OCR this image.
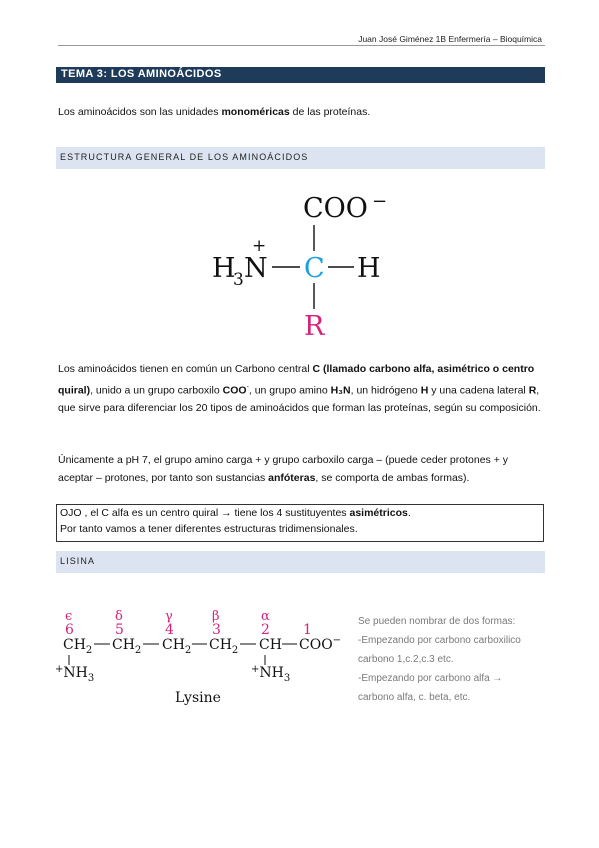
Juan José Giménez 1B Enfermería – Bioquímica
TEMA 3: LOS AMINOÁCIDOS
Los aminoácidos son las unidades monoméricas de las proteínas.
ESTRUCTURA GENERAL DE LOS AMINOÁCIDOS
COO −
H
3 N
+
C H
R
Los aminoácidos tienen en común un Carbono central C (llamado carbono alfa, asimétrico o centro quiral), unido a un grupo carboxilo COO-, un grupo amino H₃N, un hidrógeno H y una cadena lateral R, que sirve para diferenciar los 20 tipos de aminoácidos que forman las proteínas, según su composición.
Únicamente a pH 7, el grupo amino carga + y grupo carboxilo carga – (puede ceder protones + y aceptar – protones, por tanto son sustancias anfóteras, se comporta de ambas formas).
OJO , el C alfa es un centro quiral → tiene los 4 sustituyentes asimétricos.
Por tanto vamos a tener diferentes estructuras tridimensionales.
LISINA
ϵ	δ	γ	β	α
6	5	4	3	2 1
$CH_2$ $CH_2$ $CH_2$ $CH_2$ CH COO−
$^+NH_3$
$^+NH_3$
Lysine
Se pueden nombrar de dos formas:
-Empezando por carbono carboxilico
carbono 1,c.2,c.3 etc.
-Empezando por carbono alfa →
carbono alfa, c. beta, etc.
